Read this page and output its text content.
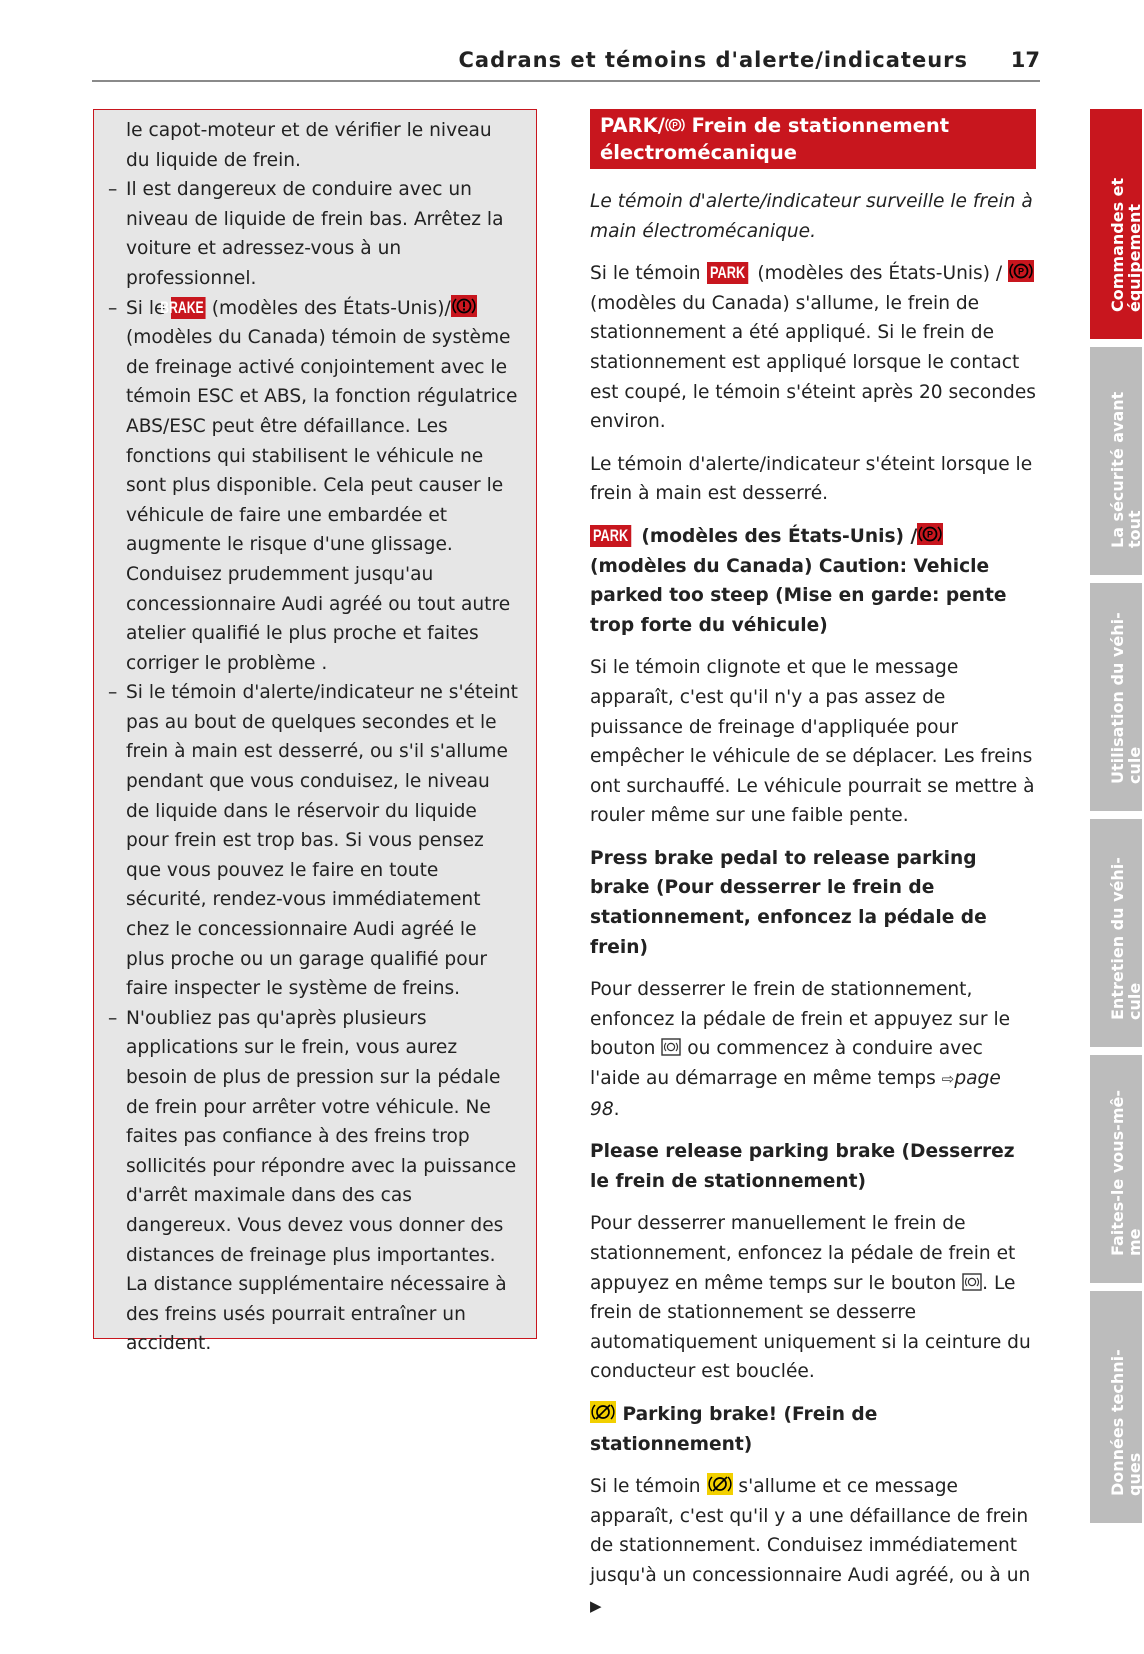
Cadrans et témoins d'alerte/indicateurs 17

le capot-moteur et de vérifier le niveau du liquide de frein.

– Il est dangereux de conduire avec un niveau de liquide de frein bas. Arrêtez la voiture et adressez-vous à un professionnel.

– Si le BRAKE (modèles des États-Unis)/ (modèles du Canada) témoin de système de freinage activé conjointement avec le témoin ESC et ABS, la fonction régulatrice ABS/ESC peut être défaillance. Les fonctions qui stabilisent le véhicule ne sont plus disponible. Cela peut causer le véhicule de faire une embardée et augmente le risque d'une glissage. Conduisez prudemment jusqu'au concessionnaire Audi agréé ou tout autre atelier qualifié le plus proche et faites corriger le problème .

– Si le témoin d'alerte/indicateur ne s'éteint pas au bout de quelques secondes et le frein à main est desserré, ou s'il s'allume pendant que vous conduisez, le niveau de liquide dans le réservoir du liquide pour frein est trop bas. Si vous pensez que vous pouvez le faire en toute sécurité, rendez-vous immédiatement chez le concessionnaire Audi agréé le plus proche ou un garage qualifié pour faire inspecter le système de freins.

– N'oubliez pas qu'après plusieurs applications sur le frein, vous aurez besoin de plus de pression sur la pédale de frein pour arrêter votre véhicule. Ne faites pas confiance à des freins trop sollicités pour répondre avec la puissance d'arrêt maximale dans des cas dangereux. Vous devez vous donner des distances de freinage plus importantes. La distance supplémentaire nécessaire à des freins usés pourrait entraîner un accident.

PARK/ P Frein de stationnement électromécanique

Le témoin d'alerte/indicateur surveille le frein à main électromécanique.

Si le témoin PARK (modèles des États-Unis) / P
(modèles du Canada) s'allume, le frein de stationnement a été appliqué. Si le frein de stationnement est appliqué lorsque le contact est coupé, le témoin s'éteint après 20 secondes environ.

Le témoin d'alerte/indicateur s'éteint lorsque le frein à main est desserré.

PARK (modèles des États-Unis) / P
(modèles du Canada) Caution: Vehicle parked too steep (Mise en garde: pente trop forte du véhicule)

Si le témoin clignote et que le message apparaît, c'est qu'il n'y a pas assez de puissance de freinage d'appliquée pour empêcher le véhicule de se déplacer. Les freins ont surchauffé. Le véhicule pourrait se mettre à rouler même sur une faible pente.

Press brake pedal to release parking brake (Pour desserrer le frein de stationnement, enfoncez la pédale de frein)

Pour desserrer le frein de stationnement, enfoncez la pédale de frein et appuyez sur le bouton ou commencez à conduire avec l'aide au démarrage en même temps ⇨page 98.

Please release parking brake (Desserrez le frein de stationnement)

Pour desserrer manuellement le frein de stationnement, enfoncez la pédale de frein et appuyez en même temps sur le bouton . Le frein de stationnement se desserre automatiquement uniquement si la ceinture du conducteur est bouclée.

Parking brake! (Frein de stationnement)

Si le témoin s'allume et ce message apparaît, c'est qu'il y a une défaillance de frein de stationnement. Conduisez immédiatement jusqu'à un concessionnaire Audi agréé, ou à un ▶

Commandes et
équipement
La sécurité avant
tout
Utilisation du véhi-
cule
Entretien du véhi-
cule
Faites-le vous-mê-
me
Données techni-
ques
